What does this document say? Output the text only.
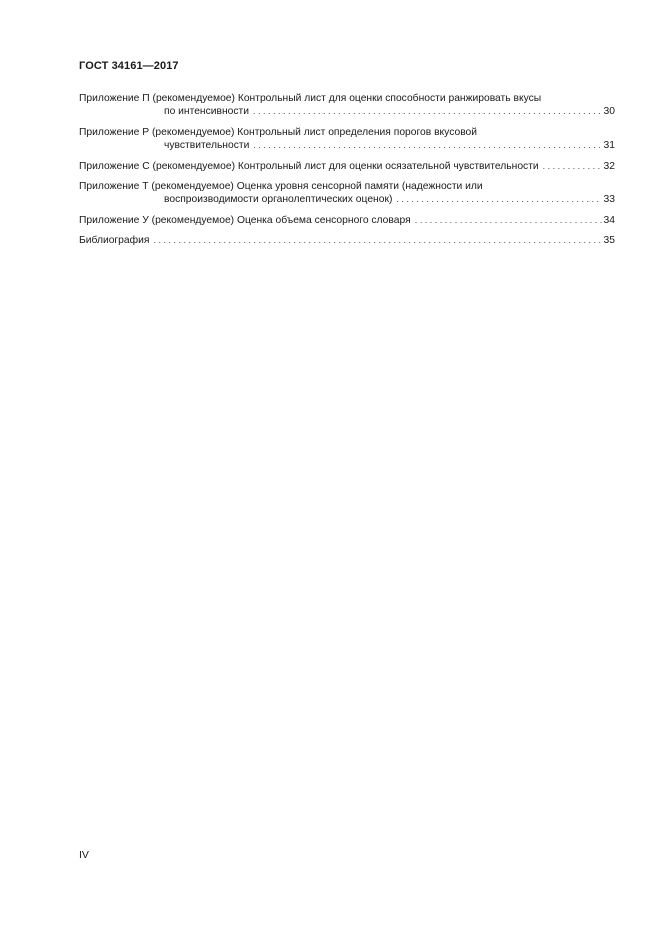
ГОСТ 34161—2017
Приложение П (рекомендуемое) Контрольный лист для оценки способности ранжировать вкусы
по интенсивности . . .	30
Приложение Р (рекомендуемое) Контрольный лист определения порогов вкусовой
чувствительности . . .	31
Приложение С (рекомендуемое) Контрольный лист для оценки осязательной чувствительности . . .	32
Приложение Т (рекомендуемое) Оценка уровня сенсорной памяти (надежности или
воспроизводимости органолептических оценок) . . .	33
Приложение У (рекомендуемое) Оценка объема сенсорного словаря . . .	34
Библиография . . .	35
IV
